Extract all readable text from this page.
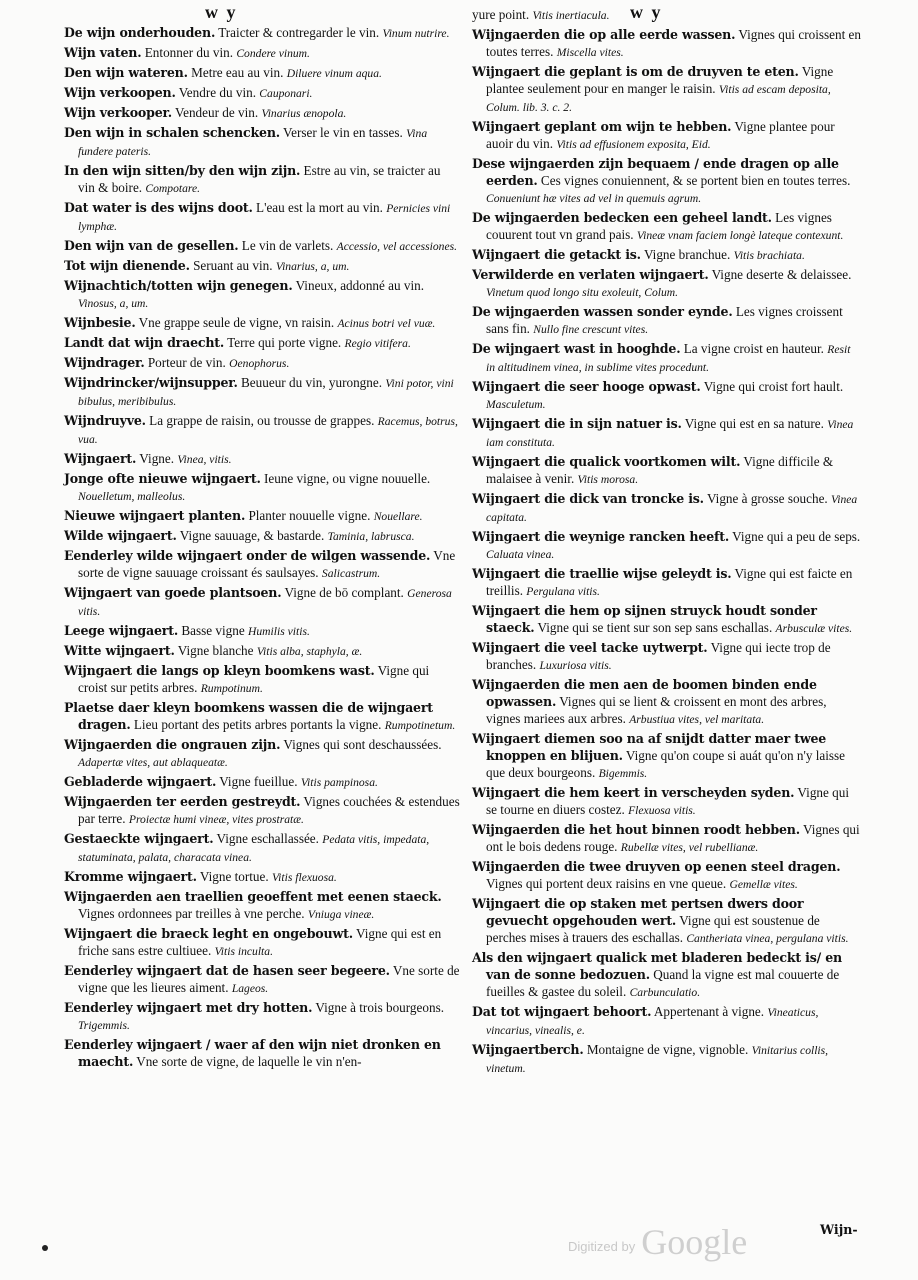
w y	w y

De wijn onderhouden. Traicter & contregarder le vin. Vinum nutrire.

Wijn vaten. Entonner du vin. Condere vinum.

Den wijn wateren. Metre eau au vin. Diluere vinum aqua.

Wijn verkoopen. Vendre du vin. Cauponari.

Wijn verkooper. Vendeur de vin. Vinarius ænopola.

Den wijn in schalen schencken. Verser le vin en tasses. Vina fundere pateris.

In den wijn sitten/by den wijn zijn. Estre au vin, se traicter au vin & boire. Compotare.

Dat water is des wijns doot. L'eau est la mort au vin. Pernicies vini lymphæ.

Den wijn van de gesellen. Le vin de varlets. Accessio, vel accessiones.

Tot wijn dienende. Seruant au vin. Vinarius, a, um.

Wijnachtich/totten wijn genegen. Vineux, addonné au vin. Vinosus, a, um.

Wijnbesie. Vne grappe seule de vigne, vn raisin. Acinus botri vel vuæ.

Landt dat wijn draecht. Terre qui porte vigne. Regio vitifera.

Wijndrager. Porteur de vin. Oenophorus.

Wijndrincker/wijnsupper. Beuueur du vin, yurongne. Vini potor, vini bibulus, meribibulus.

Wijndruyve. La grappe de raisin, ou trousse de grappes. Racemus, botrus, vua.

Wijngaert. Vigne. Vinea, vitis.

Jonge ofte nieuwe wijngaert. Ieune vigne, ou vigne nouuelle. Nouelletum, malleolus.

Nieuwe wijngaert planten. Planter nouuelle vigne. Nouellare.

Wilde wijngaert. Vigne sauuage, & bastarde. Taminia, labrusca.

Eenderley wilde wijngaert onder de wilgen wassende. Vne sorte de vigne sauuage croissant és saulsayes. Salicastrum.

Wijngaert van goede plantsoen. Vigne de bō complant. Generosa vitis.

Leege wijngaert. Basse vigne Humilis vitis.

Witte wijngaert. Vigne blanche Vitis alba, staphyla, æ.

Wijngaert die langs op kleyn boomkens wast. Vigne qui croist sur petits arbres. Rumpotinum.

Plaetse daer kleyn boomkens wassen die de wijngaert dragen. Lieu portant des petits arbres portants la vigne. Rumpotinetum.

Wijngaerden die ongrauen zijn. Vignes qui sont deschaussées. Adapertæ vites, aut ablaqueatæ.

Gebladerde wijngaert. Vigne fueillue. Vitis pampinosa.

Wijngaerden ter eerden gestreydt. Vignes couchées & estendues par terre. Proiectæ humi vineæ, vites prostratæ.

Gestaeckte wijngaert. Vigne eschallassée. Pedata vitis, impedata, statuminata, palata, characata vinea.

Kromme wijngaert. Vigne tortue. Vitis flexuosa.

Wijngaerden aen traellien geoeffent met eenen staeck. Vignes ordonnees par treilles à vne perche. Vniuga vineæ.

Wijngaert die braeck leght en ongebouwt. Vigne qui est en friche sans estre cultiuee. Vitis inculta.

Eenderley wijngaert dat de hasen seer begeere. Vne sorte de vigne que les lieures aiment. Lageos.

Eenderley wijngaert met dry hotten. Vigne à trois bourgeons. Trigemmis.

Eenderley wijngaert / waer af den wijn niet dronken en maecht. Vne sorte de vigne, de laquelle le vin n'en-

yure point. Vitis inertiacula.

Wijngaerden die op alle eerde wassen. Vignes qui croissent en toutes terres. Miscella vites.

Wijngaert die geplant is om de druyven te eten. Vigne plantee seulement pour en manger le raisin. Vitis ad escam deposita, Colum. lib. 3. c. 2.

Wijngaert geplant om wijn te hebben. Vigne plantee pour auoir du vin. Vitis ad effusionem exposita, Eid.

Dese wijngaerden zijn bequaem / ende dragen op alle eerden. Ces vignes conuiennent, & se portent bien en toutes terres. Conueniunt hæ vites ad vel in quemuis agrum.

De wijngaerden bedecken een geheel landt. Les vignes couurent tout vn grand pais. Vineæ vnam faciem longè lateque contexunt.

Wijngaert die getackt is. Vigne branchue. Vitis brachiata.

Verwilderde en verlaten wijngaert. Vigne deserte & delaissee. Vinetum quod longo situ exoleuit, Colum.

De wijngaerden wassen sonder eynde. Les vignes croissent sans fin. Nullo fine crescunt vites.

De wijngaert wast in hooghde. La vigne croist en hauteur. Resit in altitudinem vinea, in sublime vites procedunt.

Wijngaert die seer hooge opwast. Vigne qui croist fort hault. Masculetum.

Wijngaert die in sijn natuer is. Vigne qui est en sa nature. Vinea iam constituta.

Wijngaert die qualick voortkomen wilt. Vigne difficile & malaisee à venir. Vitis morosa.

Wijngaert die dick van troncke is. Vigne à grosse souche. Vinea capitata.

Wijngaert die weynige rancken heeft. Vigne qui a peu de seps. Caluata vinea.

Wijngaert die traellie wijse geleydt is. Vigne qui est faicte en treillis. Pergulana vitis.

Wijngaert die hem op sijnen struyck houdt sonder staeck. Vigne qui se tient sur son sep sans eschallas. Arbusculæ vites.

Wijngaert die veel tacke uytwerpt. Vigne qui iecte trop de branches. Luxuriosa vitis.

Wijngaerden die men aen de boomen binden ende opwassen. Vignes qui se lient & croissent en mont des arbres, vignes mariees aux arbres. Arbustiua vites, vel maritata.

Wijngaert diemen soo na af snijdt datter maer twee knoppen en blijuen. Vigne qu'on coupe si auát qu'on n'y laisse que deux bourgeons. Bigemmis.

Wijngaert die hem keert in verscheyden syden. Vigne qui se tourne en diuers costez. Flexuosa vitis.

Wijngaerden die het hout binnen roodt hebben. Vignes qui ont le bois dedens rouge. Rubellæ vites, vel rubellianæ.

Wijngaerden die twee druyven op eenen steel dragen. Vignes qui portent deux raisins en vne queue. Gemellæ vites.

Wijngaert die op staken met pertsen dwers door gevuecht opgehouden wert. Vigne qui est soustenue de perches mises à trauers des eschallas. Cantheriata vinea, pergulana vitis.

Als den wijngaert qualick met bladeren bedeckt is/ en van de sonne bedozuen. Quand la vigne est mal couuerte de fueilles & gastee du soleil. Carbunculatio.

Dat tot wijngaert behoort. Appertenant à vigne. Vineaticus, vincarius, vinealis, e.

Wijngaertberch. Montaigne de vigne, vignoble. Vinitarius collis, vinetum.

Digitized by Google	Wijn-
